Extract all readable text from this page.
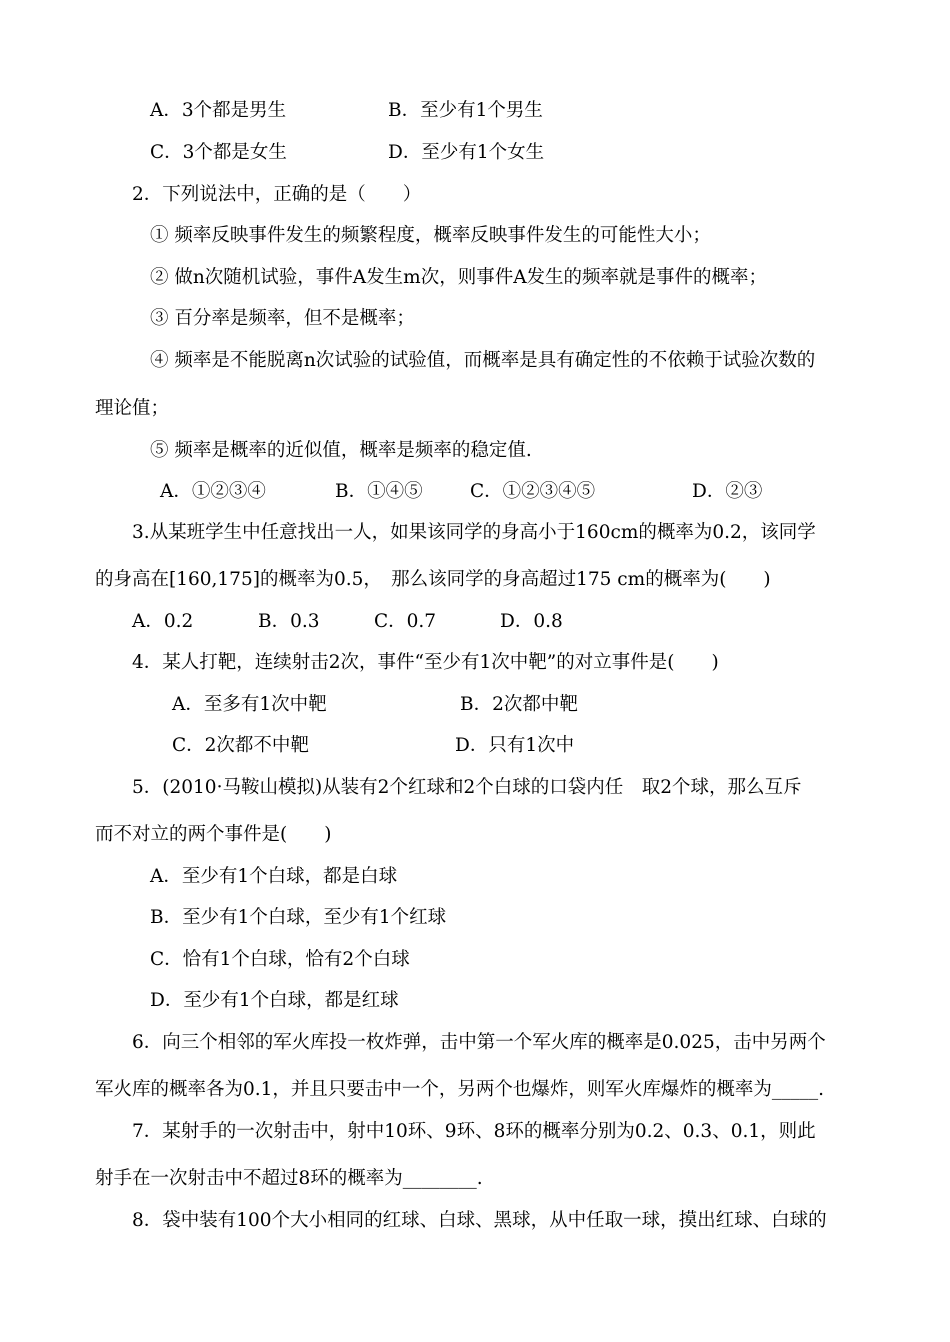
A．3个都是男生	B．至少有1个男生
C．3个都是女生	D．至少有1个女生
2．下列说法中，正确的是（　　）
① 频率反映事件发生的频繁程度，概率反映事件发生的可能性大小；
② 做n次随机试验，事件A发生m次，则事件A发生的频率就是事件的概率；
③ 百分率是频率，但不是概率；
④ 频率是不能脱离n次试验的试验值，而概率是具有确定性的不依赖于试验次数的
理论值；
⑤ 频率是概率的近似值，概率是频率的稳定值.
A．①②③④	B．①④⑤	C．①②③④⑤	D．②③
3.从某班学生中任意找出一人，如果该同学的身高小于160cm的概率为0.2，该同学
的身高在[160,175]的概率为0.5，　那么该同学的身高超过175 cm的概率为(　　)
A．0.2	B．0.3	C．0.7	D．0.8
4．某人打靶，连续射击2次，事件“至少有1次中靶”的对立事件是(　　)
A．至多有1次中靶	B．2次都中靶
C．2次都不中靶	D．只有1次中
5．(2010·马鞍山模拟)从装有2个红球和2个白球的口袋内任　取2个球，那么互斥
而不对立的两个事件是(　　)
A．至少有1个白球，都是白球
B．至少有1个白球，至少有1个红球
C．恰有1个白球，恰有2个白球
D．至少有1个白球，都是红球
6．向三个相邻的军火库投一枚炸弹，击中第一个军火库的概率是0.025，击中另两个
军火库的概率各为0.1，并且只要击中一个，另两个也爆炸，则军火库爆炸的概率为_____.
7．某射手的一次射击中，射中10环、9环、8环的概率分别为0.2、0.3、0.1，则此
射手在一次射击中不超过8环的概率为________.
8．袋中装有100个大小相同的红球、白球、黑球，从中任取一球，摸出红球、白球的
